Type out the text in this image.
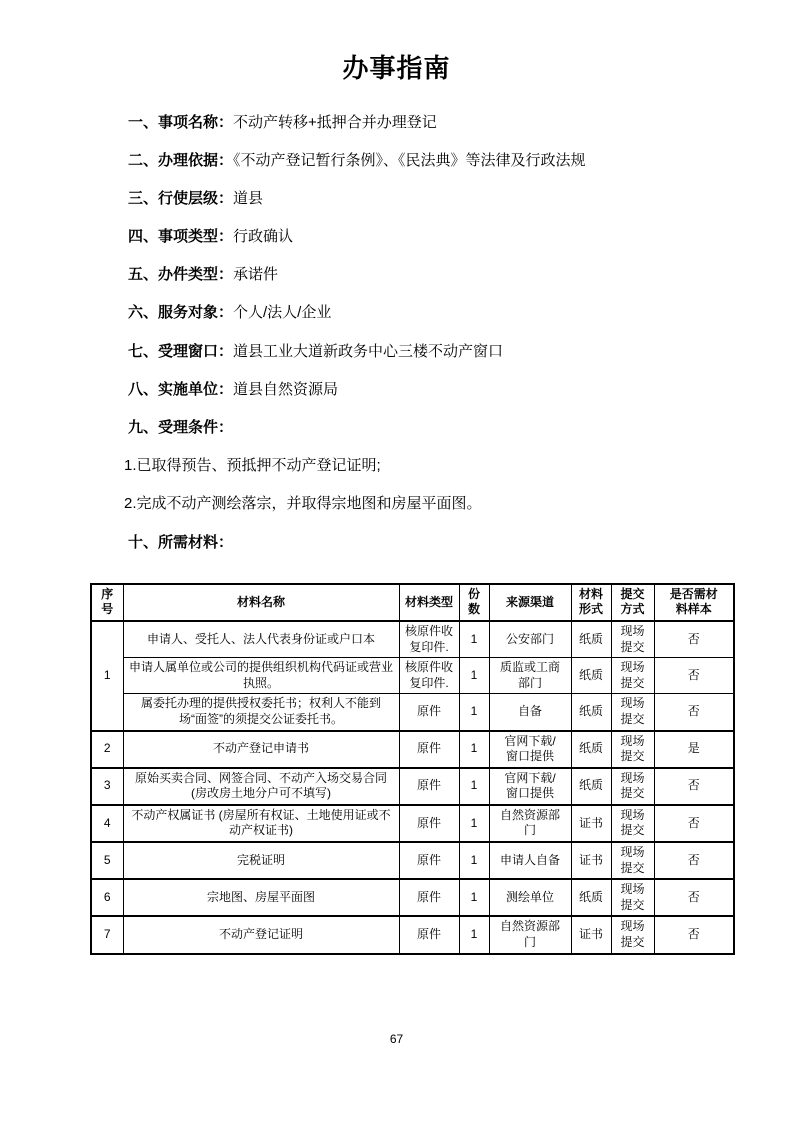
办事指南
一、事项名称：不动产转移+抵押合并办理登记
二、办理依据：《不动产登记暂行条例》、《民法典》等法律及行政法规
三、行使层级：道县
四、事项类型：行政确认
五、办件类型：承诺件
六、服务对象：个人/法人/企业
七、受理窗口：道县工业大道新政务中心三楼不动产窗口
八、实施单位：道县自然资源局
九、受理条件：
1.已取得预告、预抵押不动产登记证明;
2.完成不动产测绘落宗，并取得宗地图和房屋平面图。
十、所需材料：
序号	材料名称	材料类型	份数	来源渠道	材料形式	提交方式	是否需材料样本
1	申请人、受托人、法人代表身份证或户口本	核原件收复印件.	1	公安部门	纸质	现场提交	否
	申请人属单位或公司的提供组织机构代码证或营业执照。	核原件收复印件.	1	质监或工商部门	纸质	现场提交	否
	属委托办理的提供授权委托书；权利人不能到场“面签”的须提交公证委托书。	原件	1	自备	纸质	现场提交	否
2	不动产登记申请书	原件	1	官网下载/窗口提供	纸质	现场提交	是
3	原始买卖合同、网签合同、不动产入场交易合同 (房改房土地分户可不填写)	原件	1	官网下载/窗口提供	纸质	现场提交	否
4	不动产权属证书 (房屋所有权证、土地使用证或不动产权证书)	原件	1	自然资源部门	证书	现场提交	否
5	完税证明	原件	1	申请人自备	证书	现场提交	否
6	宗地图、房屋平面图	原件	1	测绘单位	纸质	现场提交	否
7	不动产登记证明	原件	1	自然资源部门	证书	现场提交	否
67
